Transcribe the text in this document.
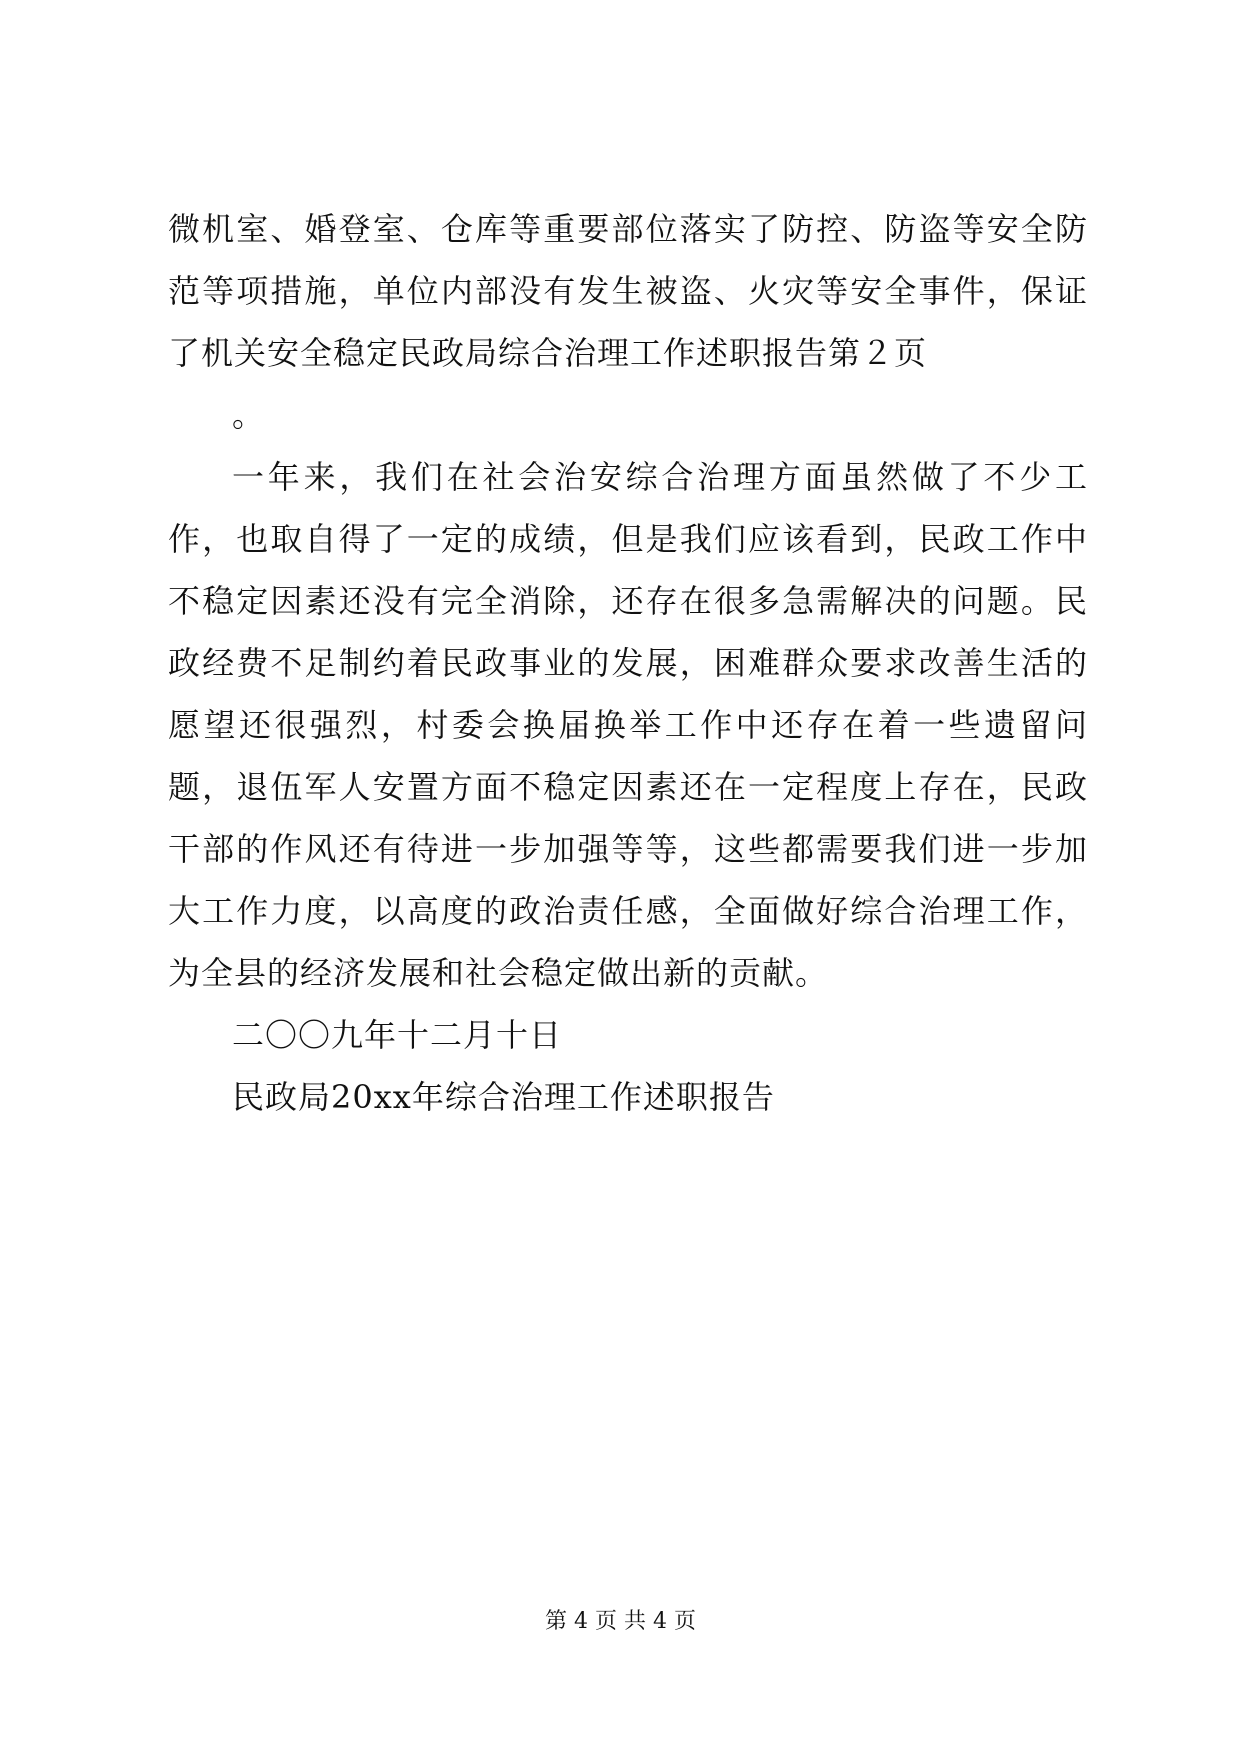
微机室、婚登室、仓库等重要部位落实了防控、防盗等安全防范等项措施，单位内部没有发生被盗、火灾等安全事件，保证了机关安全稳定民政局综合治理工作述职报告第２页

。

一年来，我们在社会治安综合治理方面虽然做了不少工作，也取自得了一定的成绩，但是我们应该看到，民政工作中不稳定因素还没有完全消除，还存在很多急需解决的问题。民政经费不足制约着民政事业的发展，困难群众要求改善生活的愿望还很强烈，村委会换届换举工作中还存在着一些遗留问题，退伍军人安置方面不稳定因素还在一定程度上存在，民政干部的作风还有待进一步加强等等，这些都需要我们进一步加大工作力度，以高度的政治责任感，全面做好综合治理工作，为全县的经济发展和社会稳定做出新的贡献。

二〇〇九年十二月十日

民政局20xx年综合治理工作述职报告

第 4 页 共 4 页
